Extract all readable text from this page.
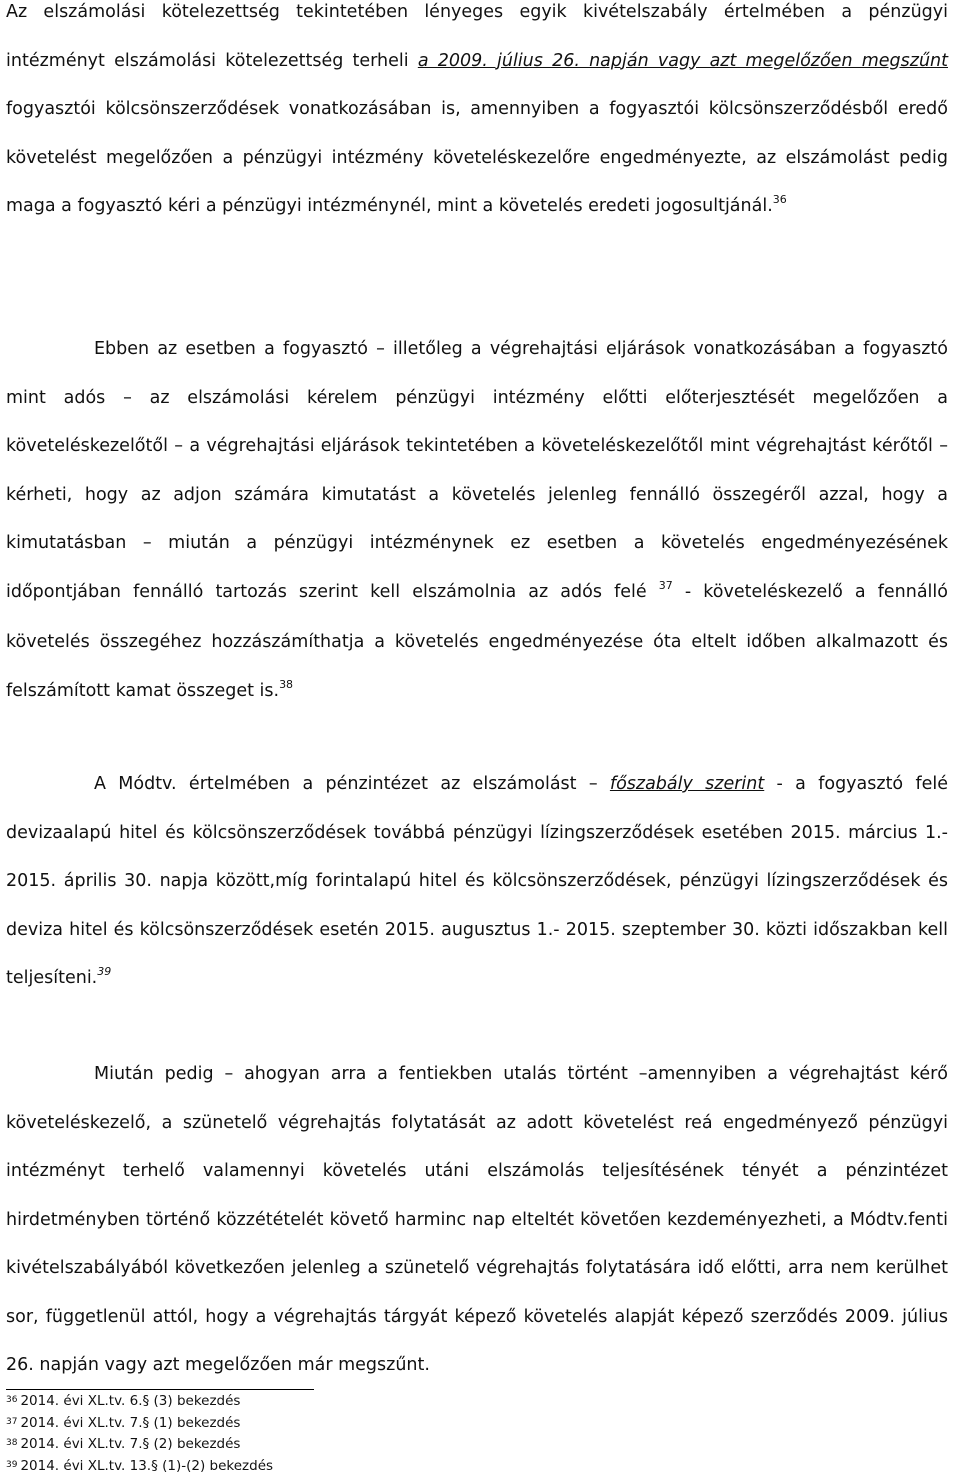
Az elszámolási kötelezettség tekintetében lényeges egyik kivételszabály értelmében a pénzügyi intézményt elszámolási kötelezettség terheli a 2009. július 26. napján vagy azt megelőzően megszűnt fogyasztói kölcsönszerződések vonatkozásában is, amennyiben a fogyasztói kölcsönszerződésből eredő követelést megelőzően a pénzügyi intézmény követeléskezelőre engedményezte, az elszámolást pedig maga a fogyasztó kéri a pénzügyi intézménynél, mint a követelés eredeti jogosultjánál.$^{36}$

Ebben az esetben a fogyasztó – illetőleg a végrehajtási eljárások vonatkozásában a fogyasztó mint adós – az elszámolási kérelem pénzügyi intézmény előtti előterjesztését megelőzően a követeléskezelőtől – a végrehajtási eljárások tekintetében a követeléskezelőtől mint végrehajtást kérőtől – kérheti, hogy az adjon számára kimutatást a követelés jelenleg fennálló összegéről azzal, hogy a kimutatásban – miután a pénzügyi intézménynek ez esetben a követelés engedményezésének időpontjában fennálló tartozás szerint kell elszámolnia az adós felé $^{37}$ - követeléskezelő a fennálló követelés összegéhez hozzászámíthatja a követelés engedményezése óta eltelt időben alkalmazott és felszámított kamat összeget is.$^{38}$

A Módtv. értelmében a pénzintézet az elszámolást – főszabály szerint - a fogyasztó felé devizaalapú hitel és kölcsönszerződések továbbá pénzügyi lízingszerződések esetében 2015. március 1.- 2015. április 30. napja között,míg forintalapú hitel és kölcsönszerződések, pénzügyi lízingszerződések és deviza hitel és kölcsönszerződések esetén 2015. augusztus 1.- 2015. szeptember 30. közti időszakban kell teljesíteni.$^{39}$

Miután pedig – ahogyan arra a fentiekben utalás történt –amennyiben a végrehajtást kérő követeléskezelő, a szünetelő végrehajtás folytatását az adott követelést reá engedményező pénzügyi intézményt terhelő valamennyi követelés utáni elszámolás teljesítésének tényét a pénzintézet hirdetményben történő közzétételét követő harminc nap elteltét követően kezdeményezheti, a Módtv.fenti kivételszabályából következően jelenleg a szünetelő végrehajtás folytatására idő előtti, arra nem kerülhet sor, függetlenül attól, hogy a végrehajtás tárgyát képező követelés alapját képező szerződés 2009. július 26. napján vagy azt megelőzően már megszűnt.

$^{36}$ 2014. évi XL.tv. 6.§ (3) bekezdés

$^{37}$ 2014. évi XL.tv. 7.§ (1) bekezdés

$^{38}$ 2014. évi XL.tv. 7.§ (2) bekezdés

$^{39}$ 2014. évi XL.tv. 13.§ (1)-(2) bekezdés
